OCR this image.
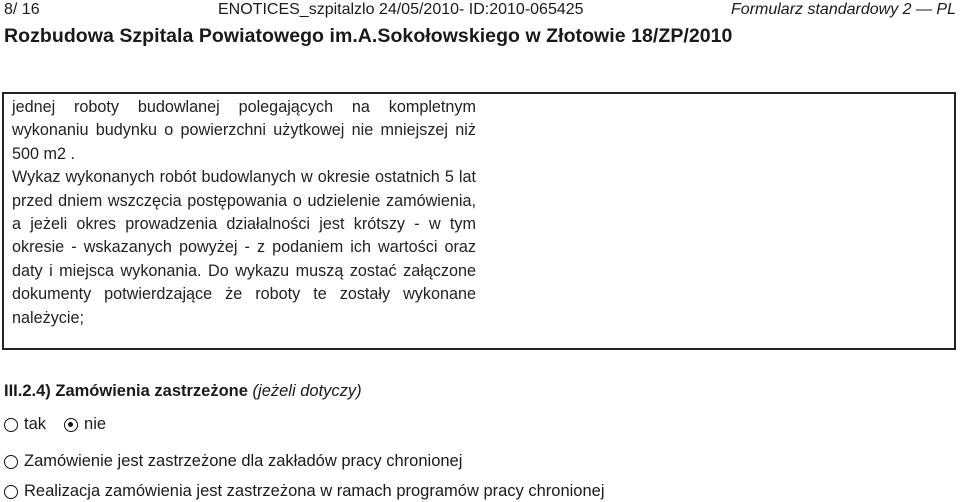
8/ 16	ENOTICES_szpitalzlo 24/05/2010- ID:2010-065425	Formularz standardowy 2 — PL
Rozbudowa Szpitala Powiatowego im.A.Sokołowskiego w Złotowie 18/ZP/2010

jednej roboty budowlanej polegających na kompletnym wykonaniu budynku o powierzchni użytkowej nie mniejszej niż 500 m2 .

Wykaz wykonanych robót budowlanych w okresie ostatnich 5 lat przed dniem wszczęcia postępowania o udzielenie zamówienia, a jeżeli okres prowadzenia działalności jest krótszy - w tym okresie - wskazanych powyżej - z podaniem ich wartości oraz daty i miejsca wykonania. Do wykazu muszą zostać załączone dokumenty potwierdzające że roboty te zostały wykonane należycie;

III.2.4) Zamówienia zastrzeżone (jeżeli dotyczy)
tak nie
Zamówienie jest zastrzeżone dla zakładów pracy chronionej
Realizacja zamówienia jest zastrzeżona w ramach programów pracy chronionej
